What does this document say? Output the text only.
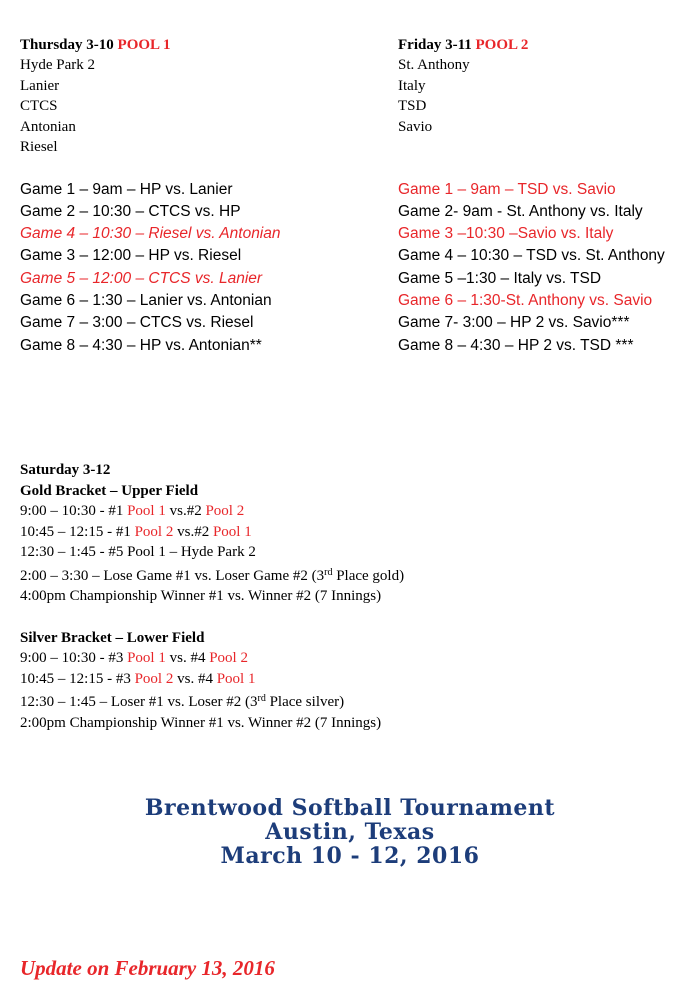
Thursday 3-10 POOL 1
Hyde Park 2
Lanier
CTCS
Antonian
Riesel
Game 1 – 9am – HP vs. Lanier
Game 2 – 10:30 – CTCS vs. HP
Game 4 – 10:30 – Riesel vs. Antonian
Game 3 – 12:00 – HP vs. Riesel
Game 5 – 12:00 – CTCS vs. Lanier
Game 6 – 1:30 – Lanier vs. Antonian
Game 7 – 3:00 – CTCS vs. Riesel
Game 8 – 4:30 – HP vs. Antonian**
Friday 3-11 POOL 2
St. Anthony
Italy
TSD
Savio
Game 1 – 9am – TSD vs. Savio
Game 2- 9am - St. Anthony vs. Italy
Game 3 –10:30 –Savio vs. Italy
Game 4 – 10:30 – TSD vs. St. Anthony
Game 5 –1:30 – Italy vs. TSD
Game 6 – 1:30-St. Anthony vs. Savio
Game 7- 3:00 – HP 2 vs. Savio***
Game 8 – 4:30 – HP 2 vs. TSD ***
Saturday 3-12
Gold Bracket – Upper Field
9:00 – 10:30 - #1 Pool 1 vs.#2 Pool 2
10:45 – 12:15 - #1 Pool 2 vs.#2 Pool 1
12:30 – 1:45 - #5 Pool 1 – Hyde Park 2
2:00 – 3:30 – Lose Game #1 vs. Loser Game #2 (3rd Place gold)
4:00pm Championship Winner #1 vs. Winner #2 (7 Innings)
Silver Bracket – Lower Field
9:00 – 10:30 - #3 Pool 1 vs. #4 Pool 2
10:45 – 12:15 - #3 Pool 2 vs. #4 Pool 1
12:30 – 1:45 – Loser #1 vs. Loser #2 (3rd Place silver)
2:00pm Championship Winner #1 vs. Winner #2 (7 Innings)
Brentwood Softball Tournament
Austin, Texas
March 10 - 12, 2016
Update on February 13, 2016
